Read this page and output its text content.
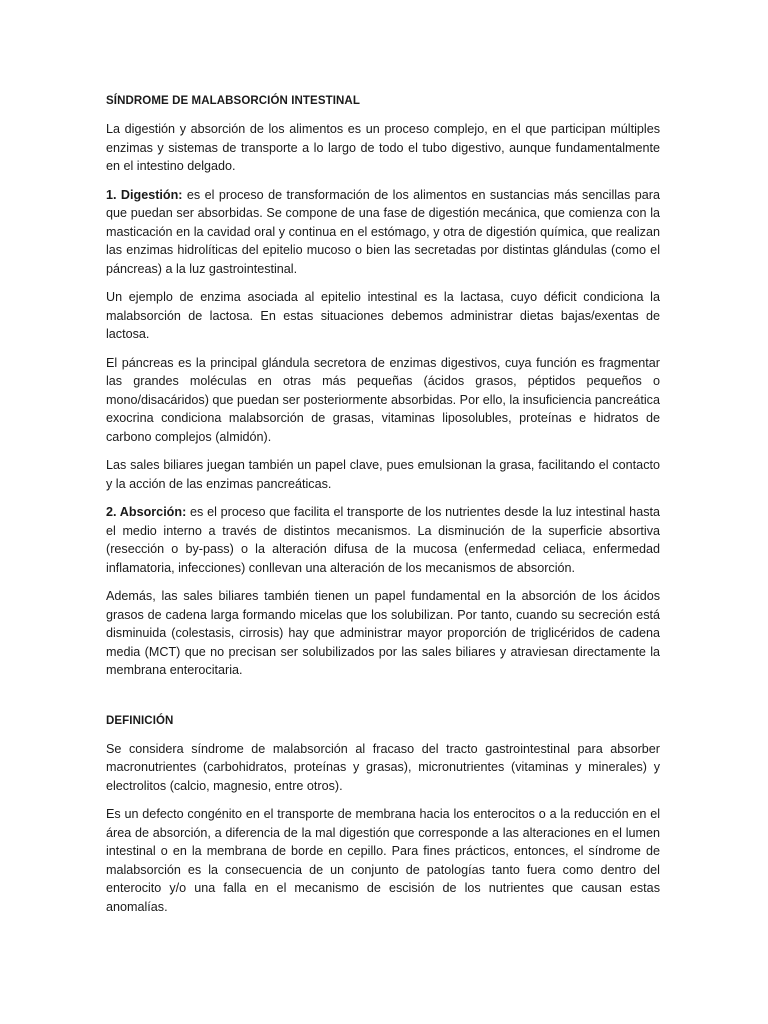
SÍNDROME DE MALABSORCIÓN INTESTINAL

La digestión y absorción de los alimentos es un proceso complejo, en el que participan múltiples enzimas y sistemas de transporte a lo largo de todo el tubo digestivo, aunque fundamentalmente en el intestino delgado.

1. Digestión: es el proceso de transformación de los alimentos en sustancias más sencillas para que puedan ser absorbidas. Se compone de una fase de digestión mecánica, que comienza con la masticación en la cavidad oral y continua en el estómago, y otra de digestión química, que realizan las enzimas hidrolíticas del epitelio mucoso o bien las secretadas por distintas glándulas (como el páncreas) a la luz gastrointestinal.

Un ejemplo de enzima asociada al epitelio intestinal es la lactasa, cuyo déficit condiciona la malabsorción de lactosa. En estas situaciones debemos administrar dietas bajas/exentas de lactosa.

El páncreas es la principal glándula secretora de enzimas digestivos, cuya función es fragmentar las grandes moléculas en otras más pequeñas (ácidos grasos, péptidos pequeños o mono/disacáridos) que puedan ser posteriormente absorbidas. Por ello, la insuficiencia pancreática exocrina condiciona malabsorción de grasas, vitaminas liposolubles, proteínas e hidratos de carbono complejos (almidón).

Las sales biliares juegan también un papel clave, pues emulsionan la grasa, facilitando el contacto y la acción de las enzimas pancreáticas.

2. Absorción: es el proceso que facilita el transporte de los nutrientes desde la luz intestinal hasta el medio interno a través de distintos mecanismos. La disminución de la superficie absortiva (resección o by-pass) o la alteración difusa de la mucosa (enfermedad celiaca, enfermedad inflamatoria, infecciones) conllevan una alteración de los mecanismos de absorción.

Además, las sales biliares también tienen un papel fundamental en la absorción de los ácidos grasos de cadena larga formando micelas que los solubilizan. Por tanto, cuando su secreción está disminuida (colestasis, cirrosis) hay que administrar mayor proporción de triglicéridos de cadena media (MCT) que no precisan ser solubilizados por las sales biliares y atraviesan directamente la membrana enterocitaria.

DEFINICIÓN

Se considera síndrome de malabsorción al fracaso del tracto gastrointestinal para absorber macronutrientes (carbohidratos, proteínas y grasas), micronutrientes (vitaminas y minerales) y electrolitos (calcio, magnesio, entre otros).

Es un defecto congénito en el transporte de membrana hacia los enterocitos o a la reducción en el área de absorción, a diferencia de la mal digestión que corresponde a las alteraciones en el lumen intestinal o en la membrana de borde en cepillo. Para fines prácticos, entonces, el síndrome de malabsorción es la consecuencia de un conjunto de patologías tanto fuera como dentro del enterocito y/o una falla en el mecanismo de escisión de los nutrientes que causan estas anomalías.
